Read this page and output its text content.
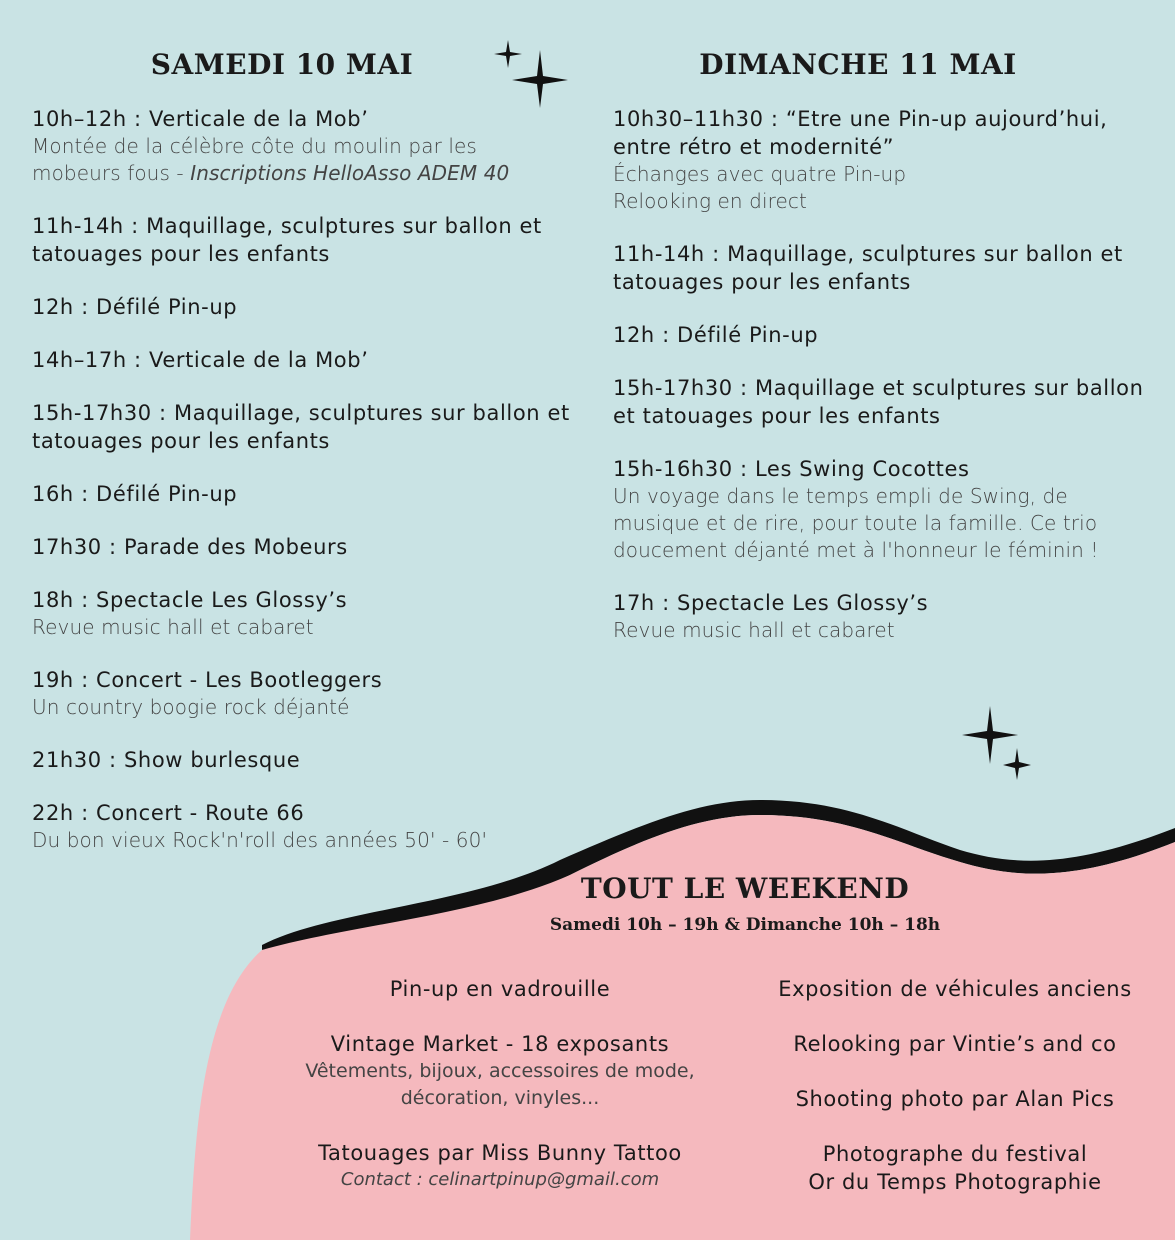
SAMEDI 10 MAI
10h–12h : Verticale de la Mob’
Montée de la célèbre côte du moulin par les mobeurs fous - Inscriptions HelloAsso ADEM 40
11h-14h : Maquillage, sculptures sur ballon et tatouages pour les enfants
12h : Défilé Pin-up
14h–17h : Verticale de la Mob’
15h-17h30 : Maquillage, sculptures sur ballon et tatouages pour les enfants
16h : Défilé Pin-up
17h30 : Parade des Mobeurs
18h : Spectacle Les Glossy’s
Revue music hall et cabaret
19h : Concert - Les Bootleggers
Un country boogie rock déjanté
21h30 : Show burlesque
22h : Concert - Route 66
Du bon vieux Rock'n'roll des années 50' - 60'
DIMANCHE 11 MAI
10h30–11h30 : “Etre une Pin-up aujourd’hui, entre rétro et modernité”
Échanges avec quatre Pin-up
Relooking en direct
11h-14h : Maquillage, sculptures sur ballon et tatouages pour les enfants
12h : Défilé Pin-up
15h-17h30 : Maquillage et sculptures sur ballon et tatouages pour les enfants
15h-16h30 : Les Swing Cocottes
Un voyage dans le temps empli de Swing, de musique et de rire, pour toute la famille. Ce trio doucement déjanté met à l'honneur le féminin !
17h : Spectacle Les Glossy’s
Revue music hall et cabaret
TOUT LE WEEKEND
Samedi 10h – 19h & Dimanche 10h – 18h
Pin-up en vadrouille
Vintage Market - 18 exposants
Vêtements, bijoux, accessoires de mode, décoration, vinyles...
Tatouages par Miss Bunny Tattoo
Contact : celinartpinup@gmail.com
Exposition de véhicules anciens
Relooking par Vintie’s and co
Shooting photo par Alan Pics
Photographe du festival
Or du Temps Photographie
